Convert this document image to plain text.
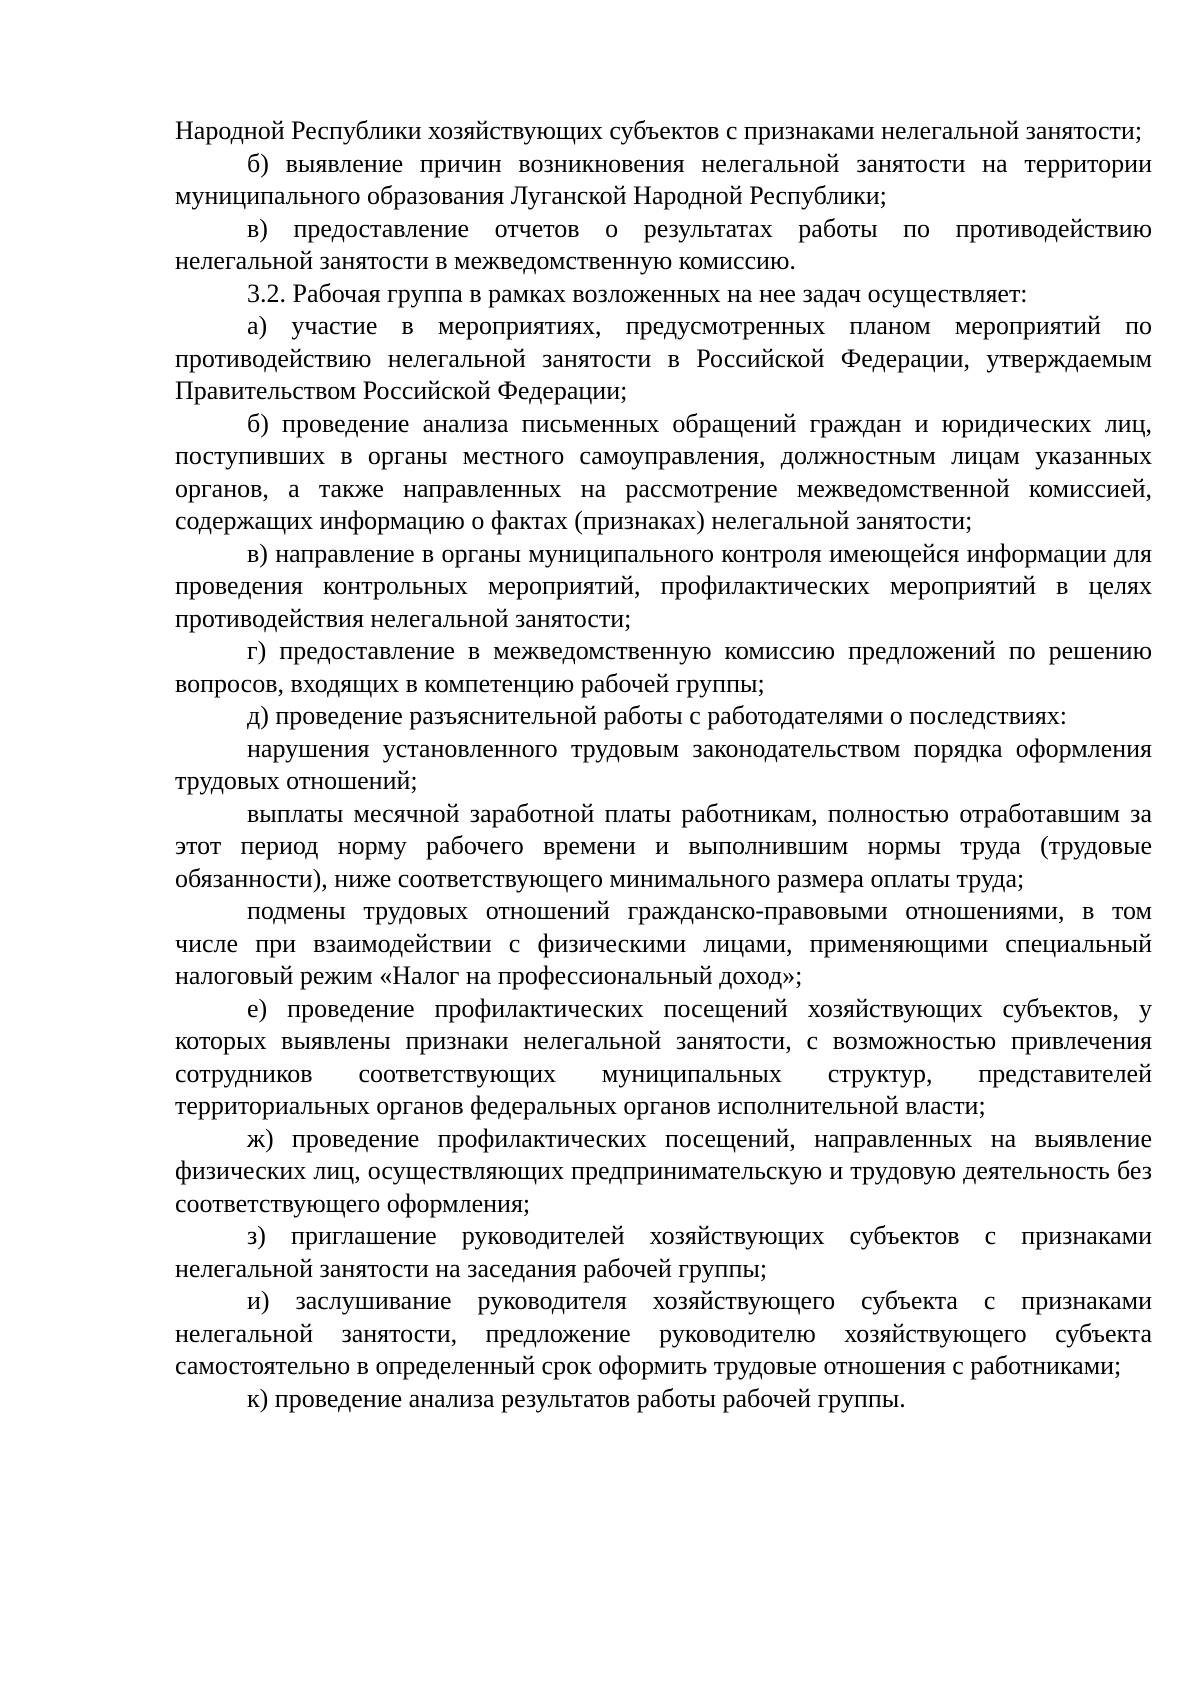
Народной Республики хозяйствующих субъектов с признаками нелегальной занятости;

б) выявление причин возникновения нелегальной занятости на территории муниципального образования Луганской Народной Республики;

в) предоставление отчетов о результатах работы по противодействию нелегальной занятости в межведомственную комиссию.

3.2. Рабочая группа в рамках возложенных на нее задач осуществляет:

а) участие в мероприятиях, предусмотренных планом мероприятий по противодействию нелегальной занятости в Российской Федерации, утверждаемым Правительством Российской Федерации;

б) проведение анализа письменных обращений граждан и юридических лиц, поступивших в органы местного самоуправления, должностным лицам указанных органов, а также направленных на рассмотрение межведомственной комиссией, содержащих информацию о фактах (признаках) нелегальной занятости;

в) направление в органы муниципального контроля имеющейся информации для проведения контрольных мероприятий, профилактических мероприятий в целях противодействия нелегальной занятости;

г) предоставление в межведомственную комиссию предложений по решению вопросов, входящих в компетенцию рабочей группы;

д) проведение разъяснительной работы с работодателями о последствиях:

нарушения установленного трудовым законодательством порядка оформления трудовых отношений;

выплаты месячной заработной платы работникам, полностью отработавшим за этот период норму рабочего времени и выполнившим нормы труда (трудовые обязанности), ниже соответствующего минимального размера оплаты труда;

подмены трудовых отношений гражданско-правовыми отношениями, в том числе при взаимодействии с физическими лицами, применяющими специальный налоговый режим «Налог на профессиональный доход»;

е) проведение профилактических посещений хозяйствующих субъектов, у которых выявлены признаки нелегальной занятости, с возможностью привлечения сотрудников соответствующих муниципальных структур, представителей территориальных органов федеральных органов исполнительной власти;

ж) проведение профилактических посещений, направленных на выявление физических лиц, осуществляющих предпринимательскую и трудовую деятельность без соответствующего оформления;

з) приглашение руководителей хозяйствующих субъектов с признаками нелегальной занятости на заседания рабочей группы;

и) заслушивание руководителя хозяйствующего субъекта с признаками нелегальной занятости, предложение руководителю хозяйствующего субъекта самостоятельно в определенный срок оформить трудовые отношения с работниками;

к) проведение анализа результатов работы рабочей группы.
